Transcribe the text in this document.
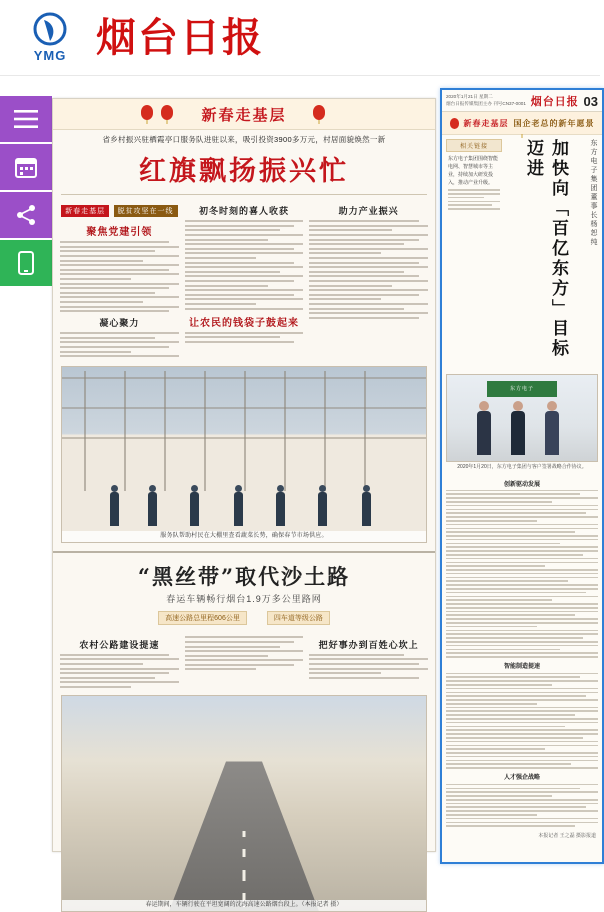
YMG 烟台日报
新春走基层
省乡村振兴驻栖霞亭口服务队进驻以来，吸引投资3900多万元，村居面貌焕然一新
红旗飘扬振兴忙
新春走基层 脱贫攻坚在一线
聚焦党建引领
凝心聚力
初冬时刻的喜人收获
让农民的钱袋子鼓起来
助力产业振兴
服务队帮助村民在大棚里查看蔬菜长势，确保春节市场供应。
“黑丝带”取代沙土路
春运车辆畅行烟台1.9万多公里路网
高速公路总里程606公里	四车道等级公路
农村公路建设提速	把好事办到百姓心坎上
春运期间，车辆行驶在平坦宽阔的沈海高速公路烟台段上。（本报记者 摄）
2020年1月21日 星期二
烟台日报传媒集团主办 刊号CN37-0001 烟台日报 03
新春走基层 国企老总的新年愿景
相关链接
东方电子集团围绕智能电网、智慧城市等主业，持续加大研发投入，推动产业升级。	加快向「百亿东方」目标迈进	东方电子集团董事长杨恕纯
东方电子
2020年1月20日，东方电子集团与客户签署战略合作协议。
创新驱动发展
智能制造提速
人才强企战略
本报记者 王之磊 摄影报道
